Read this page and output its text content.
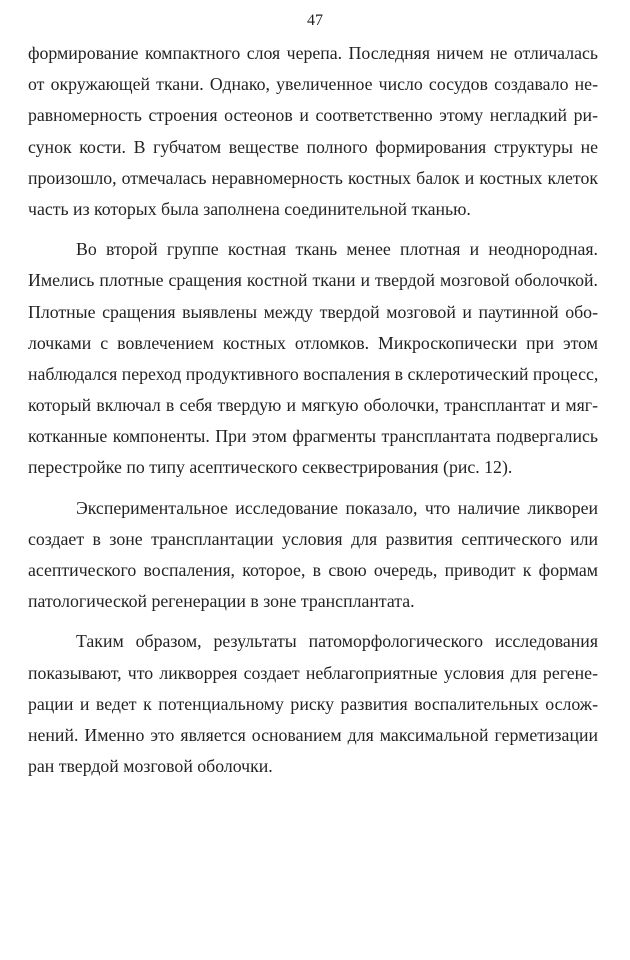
47
формирование компактного слоя черепа. Последняя ничем не отличалась
от окружающей ткани. Однако, увеличенное число сосудов создавало не-
равномерность строения остеонов и соответственно этому негладкий ри-
сунок кости. В губчатом веществе полного формирования структуры не
произошло, отмечалась неравномерность костных балок и костных клеток
часть из которых была заполнена соединительной тканью.
Во второй группе костная ткань менее плотная и неоднородная.
Имелись плотные сращения костной ткани и твердой мозговой оболочкой.
Плотные сращения выявлены между твердой мозговой и паутинной обо-
лочками с вовлечением костных отломков. Микроскопически при этом
наблюдался переход продуктивного воспаления в склеротический процесс,
который включал в себя твердую и мягкую оболочки, трансплантат и мяг-
котканные компоненты. При этом фрагменты трансплантата подвергались
перестройке по типу асептического секвестрирования (рис. 12).
Экспериментальное исследование показало, что наличие ликвореи
создает в зоне трансплантации условия для развития септического или
асептического воспаления, которое, в свою очередь, приводит к формам
патологической регенерации в зоне трансплантата.
Таким образом, результаты патоморфологического исследования
показывают, что ликворрея создает неблагоприятные условия для регене-
рации и ведет к потенциальному риску развития воспалительных ослож-
нений. Именно это является основанием для максимальной герметизации
ран твердой мозговой оболочки.
